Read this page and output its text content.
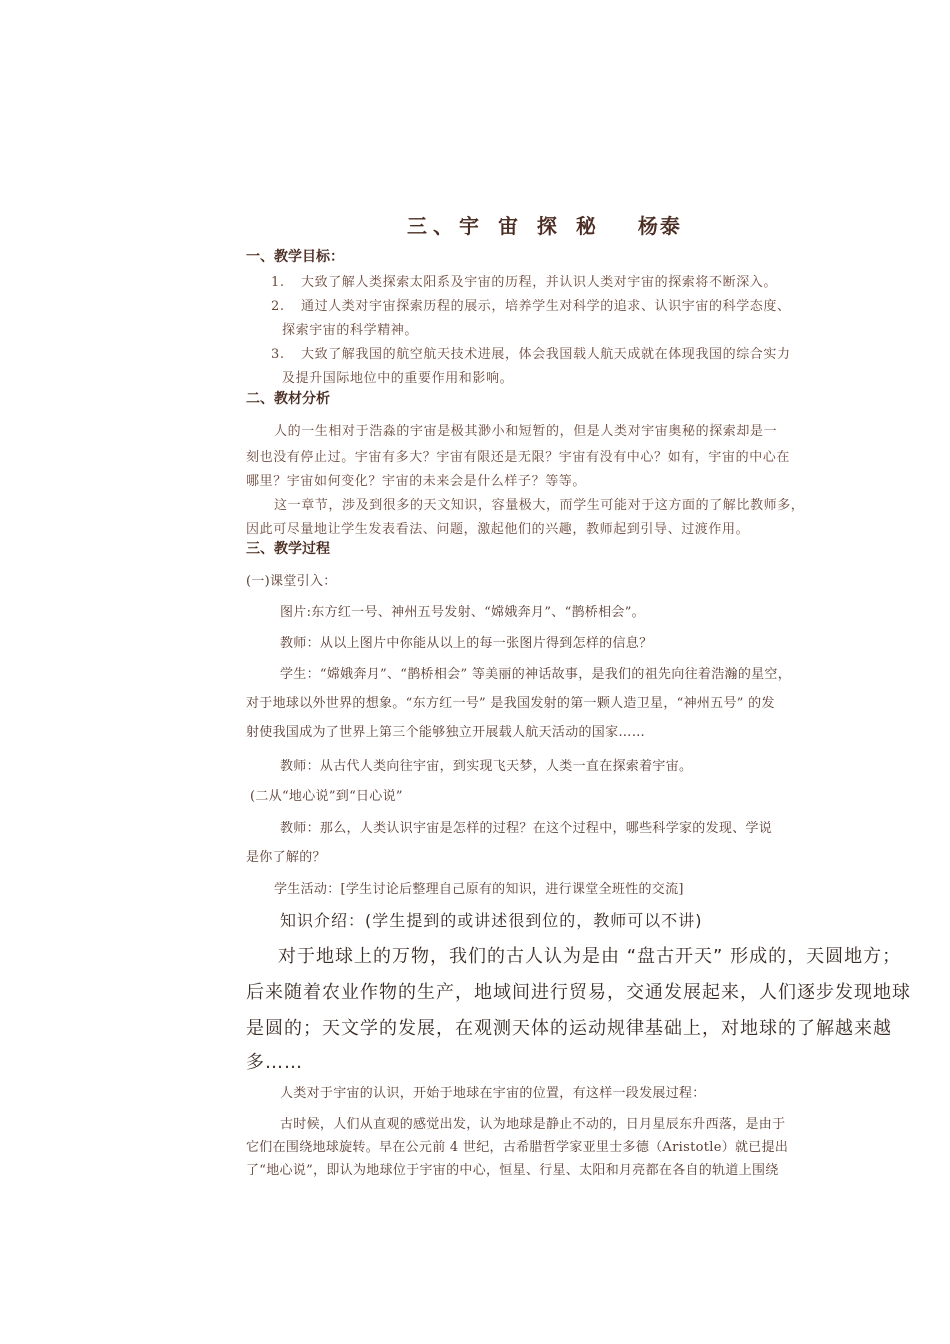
三、宇 宙 探 秘 杨泰
一、教学目标：
1. 大致了解人类探索太阳系及宇宙的历程，并认识人类对宇宙的探索将不断深入。
2. 通过人类对宇宙探索历程的展示，培养学生对科学的追求、认识宇宙的科学态度、
探索宇宙的科学精神。
3. 大致了解我国的航空航天技术进展，体会我国载人航天成就在体现我国的综合实力
及提升国际地位中的重要作用和影响。
二、教材分析
人的一生相对于浩淼的宇宙是极其渺小和短暂的，但是人类对宇宙奥秘的探索却是一
刻也没有停止过。宇宙有多大？宇宙有限还是无限？宇宙有没有中心？如有，宇宙的中心在
哪里？宇宙如何变化？宇宙的未来会是什么样子？等等。
这一章节，涉及到很多的天文知识，容量极大，而学生可能对于这方面的了解比教师多，
因此可尽量地让学生发表看法、问题，激起他们的兴趣，教师起到引导、过渡作用。
三、教学过程
(一)课堂引入：
图片:东方红一号、神州五号发射、“嫦娥奔月”、“鹊桥相会”。
教师：从以上图片中你能从以上的每一张图片得到怎样的信息？
学生：“嫦娥奔月”、“鹊桥相会” 等美丽的神话故事，是我们的祖先向往着浩瀚的星空，
对于地球以外世界的想象。“东方红一号” 是我国发射的第一颗人造卫星，“神州五号” 的发
射使我国成为了世界上第三个能够独立开展载人航天活动的国家……
教师：从古代人类向往宇宙，到实现飞天梦，人类一直在探索着宇宙。
(二从“地心说”到“日心说”
教师：那么，人类认识宇宙是怎样的过程？在这个过程中，哪些科学家的发现、学说
是你了解的？
学生活动：[学生讨论后整理自己原有的知识，进行课堂全班性的交流]
知识介绍：(学生提到的或讲述很到位的，教师可以不讲)
对于地球上的万物，我们的古人认为是由 “盘古开天” 形成的，天圆地方；
后来随着农业作物的生产，地域间进行贸易，交通发展起来，人们逐步发现地球
是圆的；天文学的发展，在观测天体的运动规律基础上，对地球的了解越来越
多……
人类对于宇宙的认识，开始于地球在宇宙的位置，有这样一段发展过程：
古时候，人们从直观的感觉出发，认为地球是静止不动的，日月星辰东升西落，是由于
它们在围绕地球旋转。早在公元前 4 世纪，古希腊哲学家亚里士多德（Aristotle）就已提出
了“地心说”，即认为地球位于宇宙的中心，恒星、行星、太阳和月亮都在各自的轨道上围绕
